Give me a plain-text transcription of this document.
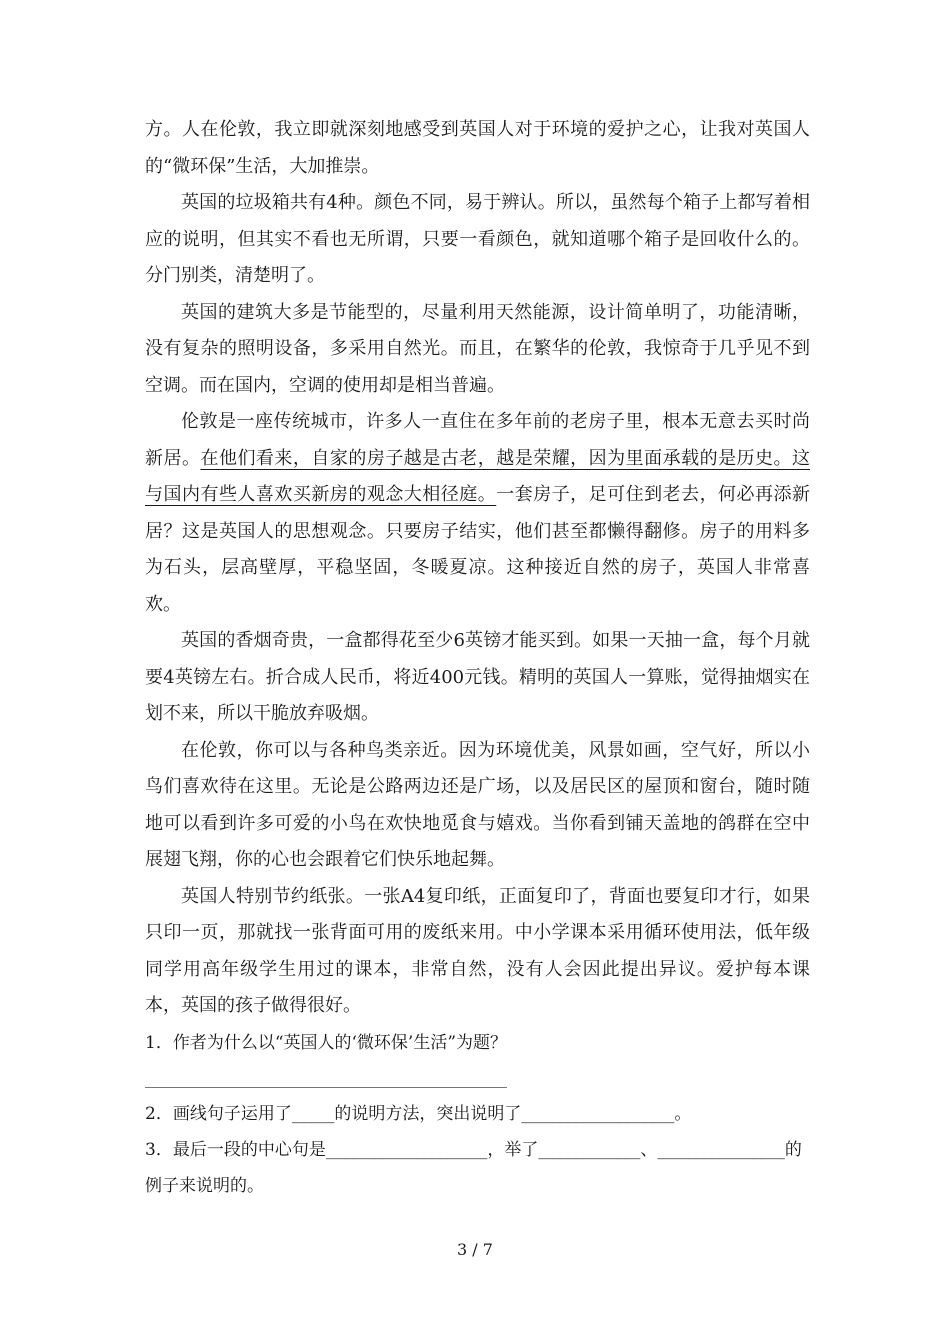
方。人在伦敦，我立即就深刻地感受到英国人对于环境的爱护之心，让我对英国人的“微环保”生活，大加推崇。

英国的垃圾箱共有4种。颜色不同，易于辨认。所以，虽然每个箱子上都写着相应的说明，但其实不看也无所谓，只要一看颜色，就知道哪个箱子是回收什么的。分门别类，清楚明了。

英国的建筑大多是节能型的，尽量利用天然能源，设计简单明了，功能清晰，没有复杂的照明设备，多采用自然光。而且，在繁华的伦敦，我惊奇于几乎见不到空调。而在国内，空调的使用却是相当普遍。

伦敦是一座传统城市，许多人一直住在多年前的老房子里，根本无意去买时尚新居。在他们看来，自家的房子越是古老，越是荣耀，因为里面承载的是历史。这与国内有些人喜欢买新房的观念大相径庭。一套房子，足可住到老去，何必再添新居？这是英国人的思想观念。只要房子结实，他们甚至都懒得翻修。房子的用料多为石头，层高壁厚，平稳坚固，冬暖夏凉。这种接近自然的房子，英国人非常喜欢。

英国的香烟奇贵，一盒都得花至少6英镑才能买到。如果一天抽一盒，每个月就要4英镑左右。折合成人民币，将近400元钱。精明的英国人一算账，觉得抽烟实在划不来，所以干脆放弃吸烟。

在伦敦，你可以与各种鸟类亲近。因为环境优美，风景如画，空气好，所以小鸟们喜欢待在这里。无论是公路两边还是广场，以及居民区的屋顶和窗台，随时随地可以看到许多可爱的小鸟在欢快地觅食与嬉戏。当你看到铺天盖地的鸽群在空中展翅飞翔，你的心也会跟着它们快乐地起舞。

英国人特别节约纸张。一张A4复印纸，正面复印了，背面也要复印才行，如果只印一页，那就找一张背面可用的废纸来用。中小学课本采用循环使用法，低年级同学用高年级学生用过的课本，非常自然，没有人会因此提出异议。爱护每本课本，英国的孩子做得很好。

1．作者为什么以“英国人的‘微环保’生活”为题？

2．画线句子运用了_____的说明方法，突出说明了__________________。

3．最后一段的中心句是___________________，举了____________、_______________的例子来说明的。

3 / 7
